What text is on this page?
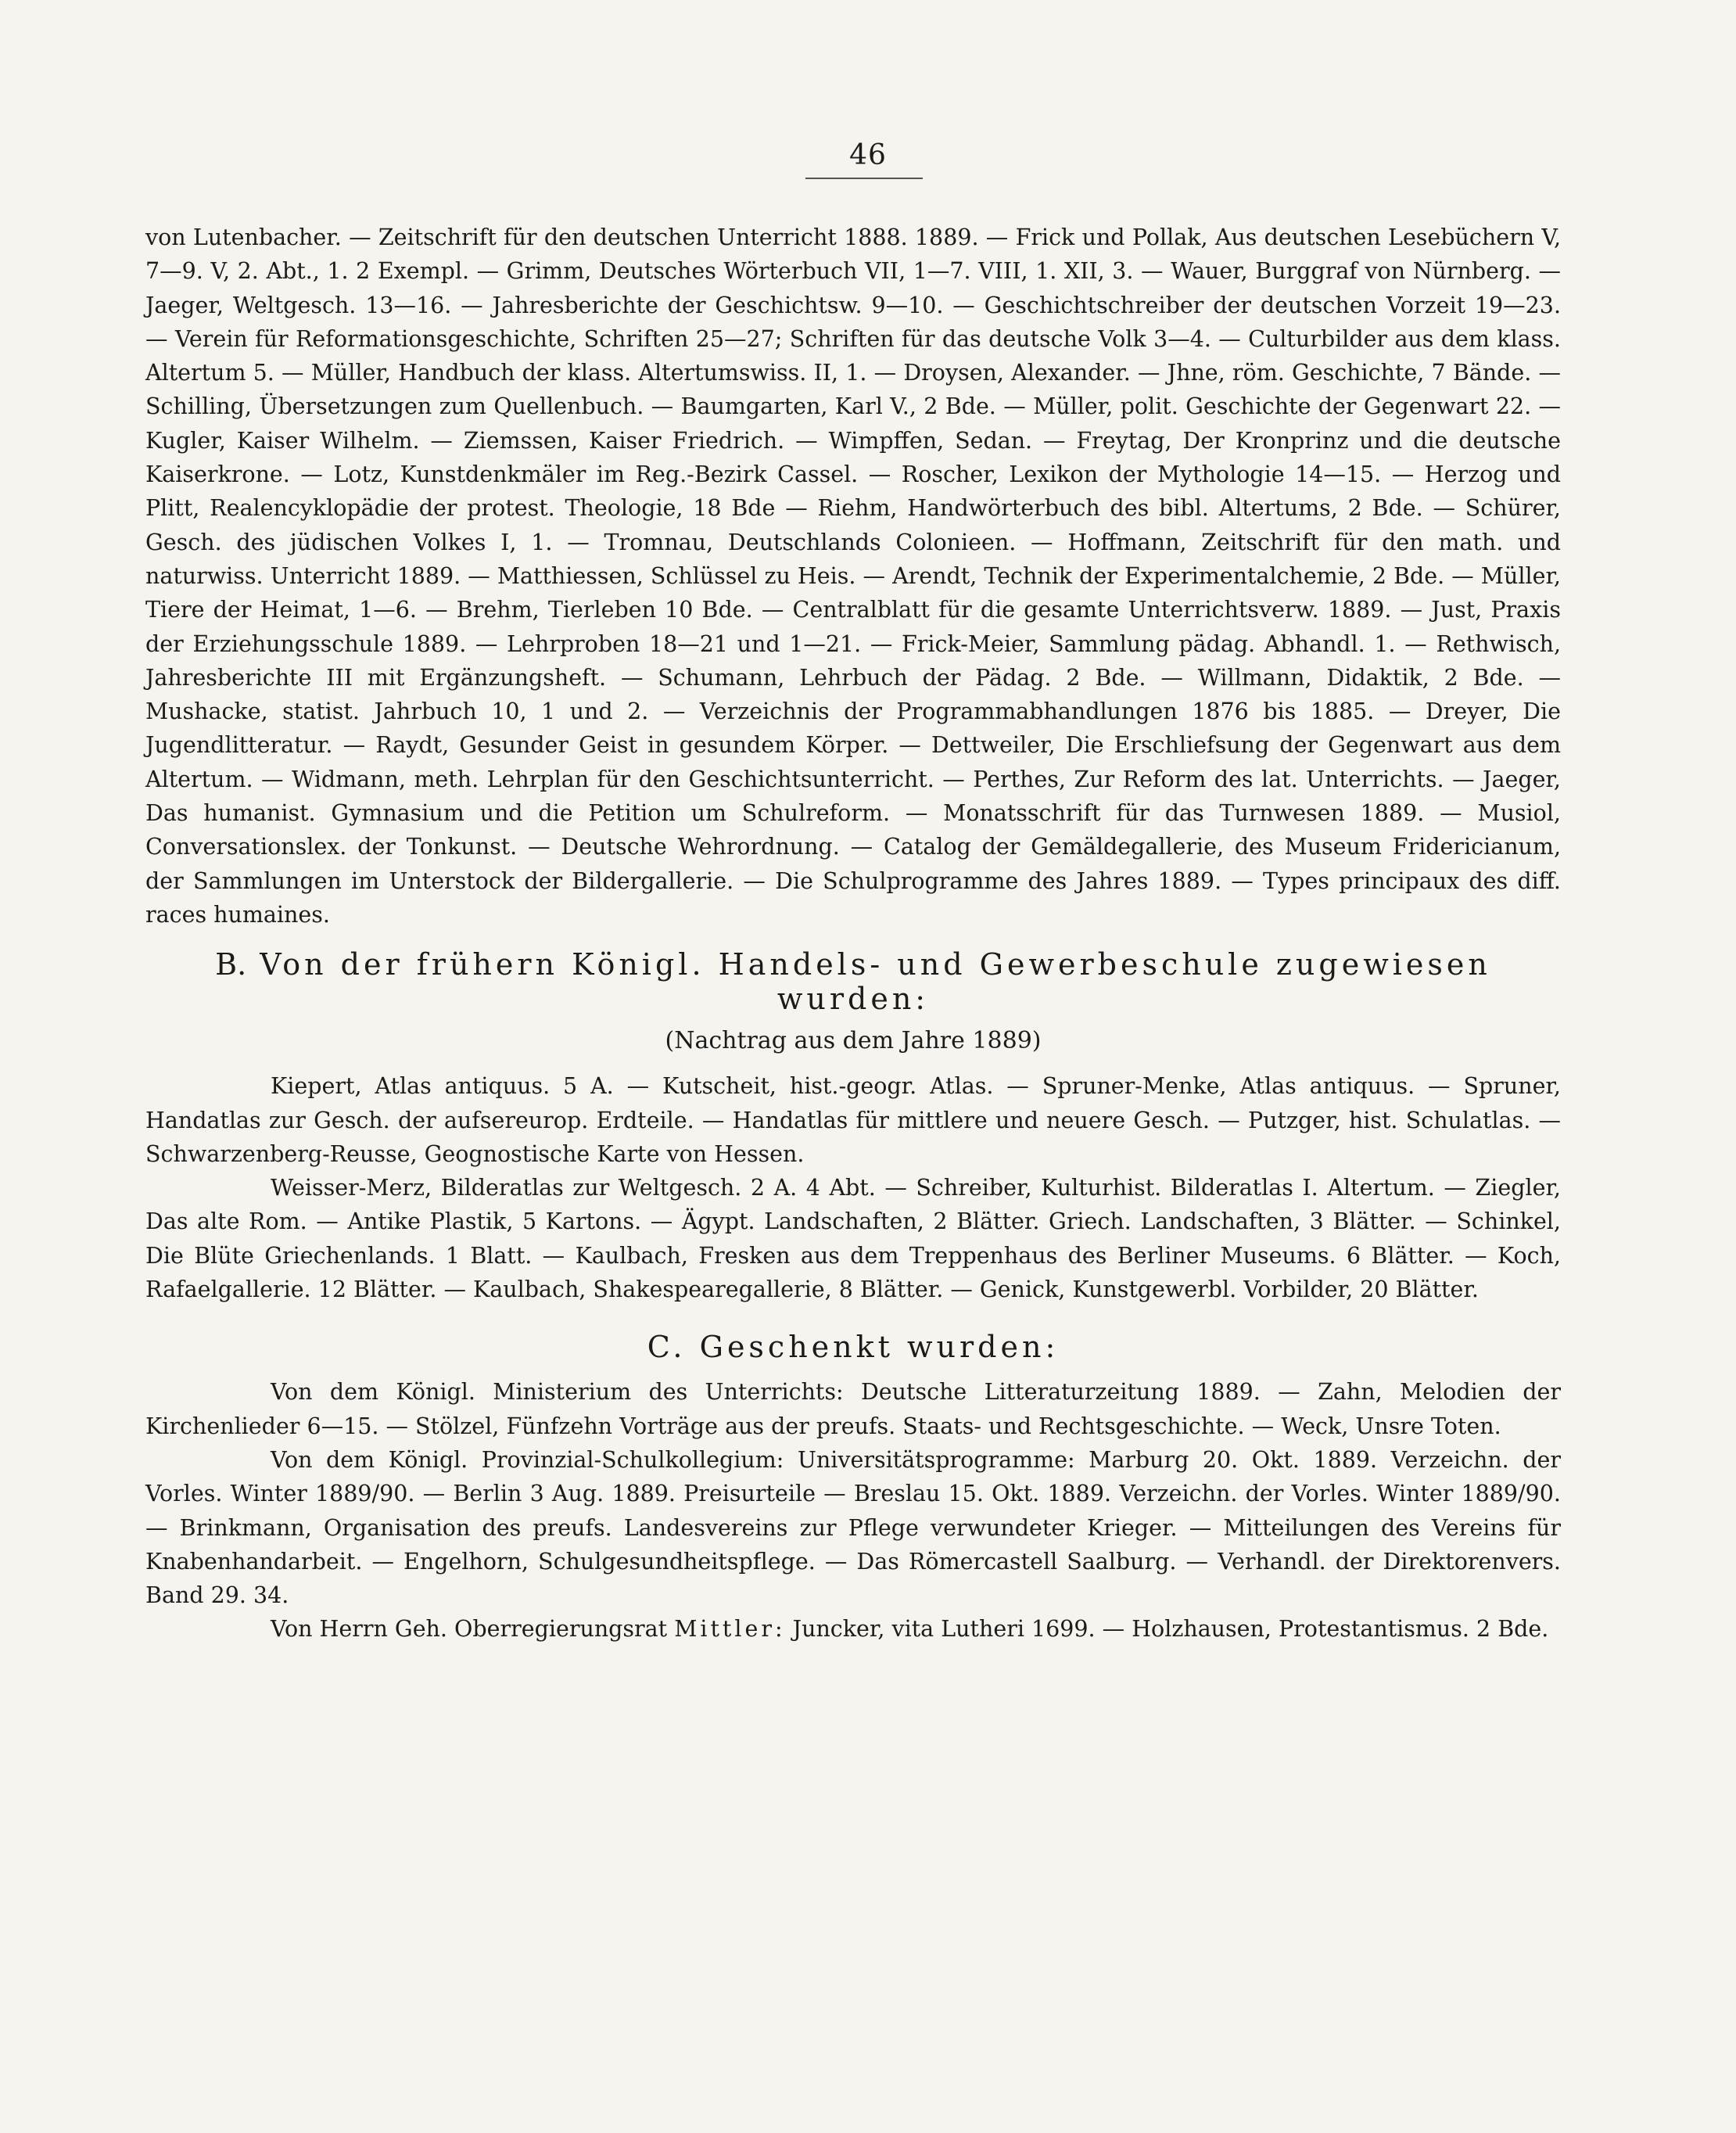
46

von Lutenbacher. — Zeitschrift für den deutschen Unterricht 1888. 1889. — Frick und Pollak, Aus deutschen Lesebüchern V, 7—9. V, 2. Abt., 1. 2 Exempl. — Grimm, Deutsches Wörterbuch VII, 1—7. VIII, 1. XII, 3. — Wauer, Burggraf von Nürnberg. — Jaeger, Weltgesch. 13—16. — Jahresberichte der Geschichtsw. 9—10. — Geschichtschreiber der deutschen Vorzeit 19—23. — Verein für Reformationsgeschichte, Schriften 25—27; Schriften für das deutsche Volk 3—4. — Culturbilder aus dem klass. Altertum 5. — Müller, Handbuch der klass. Altertumswiss. II, 1. — Droysen, Alexander. — Jhne, röm. Geschichte, 7 Bände. — Schilling, Übersetzungen zum Quellenbuch. — Baumgarten, Karl V., 2 Bde. — Müller, polit. Geschichte der Gegenwart 22. — Kugler, Kaiser Wilhelm. — Ziemssen, Kaiser Friedrich. — Wimpffen, Sedan. — Freytag, Der Kronprinz und die deutsche Kaiserkrone. — Lotz, Kunstdenkmäler im Reg.-Bezirk Cassel. — Roscher, Lexikon der Mythologie 14—15. — Herzog und Plitt, Realencyklopädie der protest. Theologie, 18 Bde — Riehm, Handwörterbuch des bibl. Altertums, 2 Bde. — Schürer, Gesch. des jüdischen Volkes I, 1. — Tromnau, Deutschlands Colonieen. — Hoffmann, Zeitschrift für den math. und naturwiss. Unterricht 1889. — Matthiessen, Schlüssel zu Heis. — Arendt, Technik der Experimentalchemie, 2 Bde. — Müller, Tiere der Heimat, 1—6. — Brehm, Tierleben 10 Bde. — Centralblatt für die gesamte Unterrichtsverw. 1889. — Just, Praxis der Erziehungsschule 1889. — Lehrproben 18—21 und 1—21. — Frick-Meier, Sammlung pädag. Abhandl. 1. — Rethwisch, Jahresberichte III mit Ergänzungsheft. — Schumann, Lehrbuch der Pädag. 2 Bde. — Willmann, Didaktik, 2 Bde. — Mushacke, statist. Jahrbuch 10, 1 und 2. — Verzeichnis der Programmabhandlungen 1876 bis 1885. — Dreyer, Die Jugendlitteratur. — Raydt, Gesunder Geist in gesundem Körper. — Dettweiler, Die Erschliefsung der Gegenwart aus dem Altertum. — Widmann, meth. Lehrplan für den Geschichtsunterricht. — Perthes, Zur Reform des lat. Unterrichts. — Jaeger, Das humanist. Gymnasium und die Petition um Schulreform. — Monatsschrift für das Turnwesen 1889. — Musiol, Conversationslex. der Tonkunst. — Deutsche Wehrordnung. — Catalog der Gemäldegallerie, des Museum Fridericianum, der Sammlungen im Unterstock der Bildergallerie. — Die Schulprogramme des Jahres 1889. — Types principaux des diff. races humaines.

B. Von der frühern Königl. Handels- und Gewerbeschule zugewiesen wurden:
(Nachtrag aus dem Jahre 1889)

Kiepert, Atlas antiquus. 5 A. — Kutscheit, hist.-geogr. Atlas. — Spruner-Menke, Atlas antiquus. — Spruner, Handatlas zur Gesch. der aufsereurop. Erdteile. — Handatlas für mittlere und neuere Gesch. — Putzger, hist. Schulatlas. — Schwarzenberg-Reusse, Geognostische Karte von Hessen.

Weisser-Merz, Bilderatlas zur Weltgesch. 2 A. 4 Abt. — Schreiber, Kulturhist. Bilderatlas I. Altertum. — Ziegler, Das alte Rom. — Antike Plastik, 5 Kartons. — Ägypt. Landschaften, 2 Blätter. Griech. Landschaften, 3 Blätter. — Schinkel, Die Blüte Griechenlands. 1 Blatt. — Kaulbach, Fresken aus dem Treppenhaus des Berliner Museums. 6 Blätter. — Koch, Rafaelgallerie. 12 Blätter. — Kaulbach, Shakespearegallerie, 8 Blätter. — Genick, Kunstgewerbl. Vorbilder, 20 Blätter.

C. Geschenkt wurden:

Von dem Königl. Ministerium des Unterrichts: Deutsche Litteraturzeitung 1889. — Zahn, Melodien der Kirchenlieder 6—15. — Stölzel, Fünfzehn Vorträge aus der preufs. Staats- und Rechtsgeschichte. — Weck, Unsre Toten.

Von dem Königl. Provinzial-Schulkollegium: Universitätsprogramme: Marburg 20. Okt. 1889. Verzeichn. der Vorles. Winter 1889/90. — Berlin 3 Aug. 1889. Preisurteile — Breslau 15. Okt. 1889. Verzeichn. der Vorles. Winter 1889/90. — Brinkmann, Organisation des preufs. Landesvereins zur Pflege verwundeter Krieger. — Mitteilungen des Vereins für Knabenhandarbeit. — Engelhorn, Schulgesundheitspflege. — Das Römercastell Saalburg. — Verhandl. der Direktorenvers. Band 29. 34.

Von Herrn Geh. Oberregierungsrat Mittler: Juncker, vita Lutheri 1699. — Holzhausen, Protestantismus. 2 Bde.
